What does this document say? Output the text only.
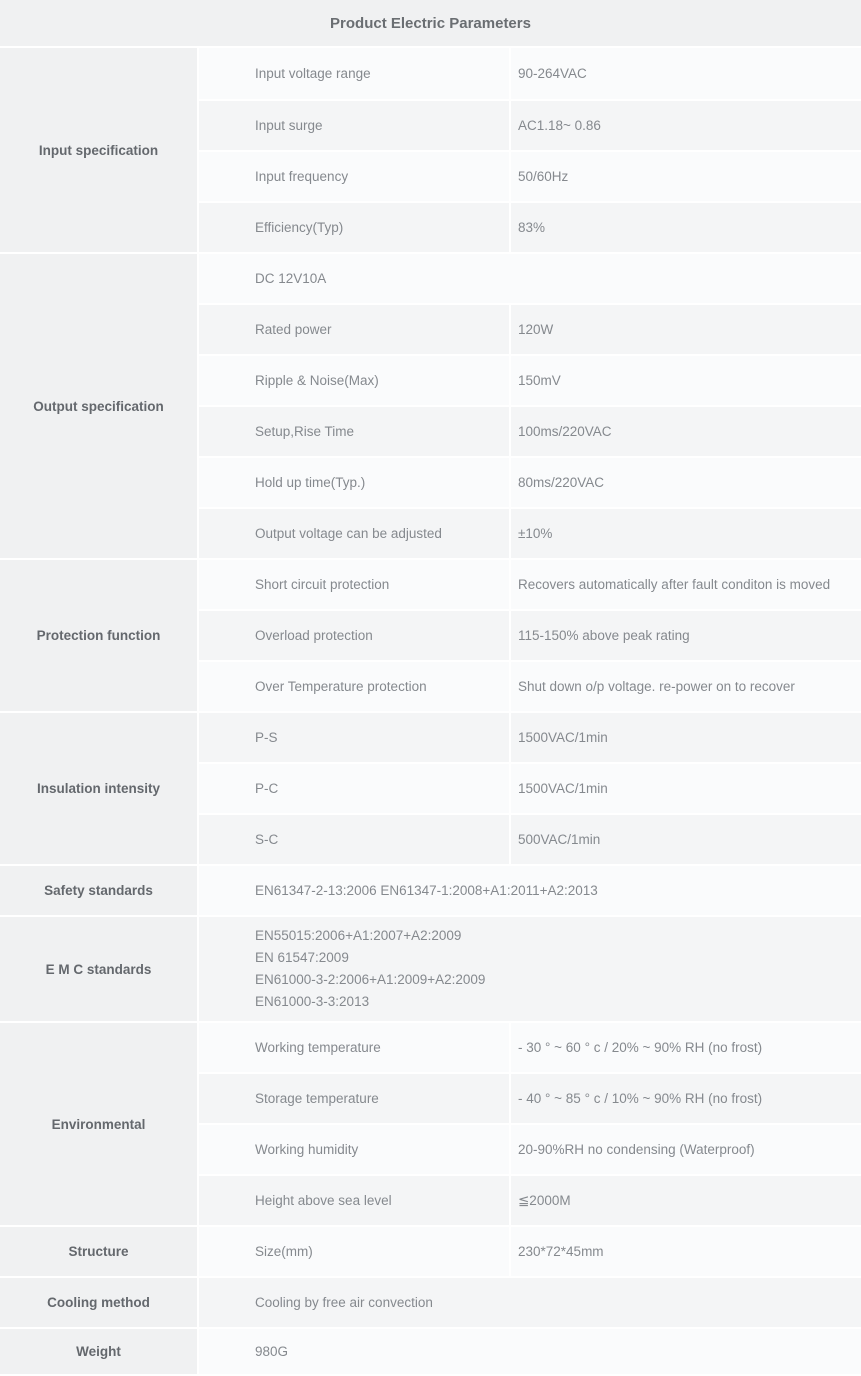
Product Electric Parameters
Input specification
Input voltage range	90-264VAC
Input surge	AC1.18~ 0.86
Input frequency	50/60Hz
Efficiency(Typ)	83%
Output specification
DC 12V10A
Rated power	120W
Ripple & Noise(Max)	150mV
Setup,Rise Time	100ms/220VAC
Hold up time(Typ.)	80ms/220VAC
Output voltage can be adjusted	±10%
Protection function
Short circuit protection	Recovers automatically after fault conditon is moved
Overload protection	115-150% above peak rating
Over Temperature protection	Shut down o/p voltage. re-power on to recover
Insulation intensity
P-S	1500VAC/1min
P-C	1500VAC/1min
S-C	500VAC/1min
Safety standards	EN61347-2-13:2006 EN61347-1:2008+A1:2011+A2:2013
E M C standards
EN55015:2006+A1:2007+A2:2009
EN 61547:2009
EN61000-3-2:2006+A1:2009+A2:2009
EN61000-3-3:2013
Environmental
Working temperature	- 30 ° ~ 60 ° c / 20% ~ 90% RH (no frost)
Storage temperature	- 40 ° ~ 85 ° c / 10% ~ 90% RH (no frost)
Working humidity	20-90%RH no condensing (Waterproof)
Height above sea level	≦2000M
Structure	Size(mm)	230*72*45mm
Cooling method	Cooling by free air convection
Weight	980G
